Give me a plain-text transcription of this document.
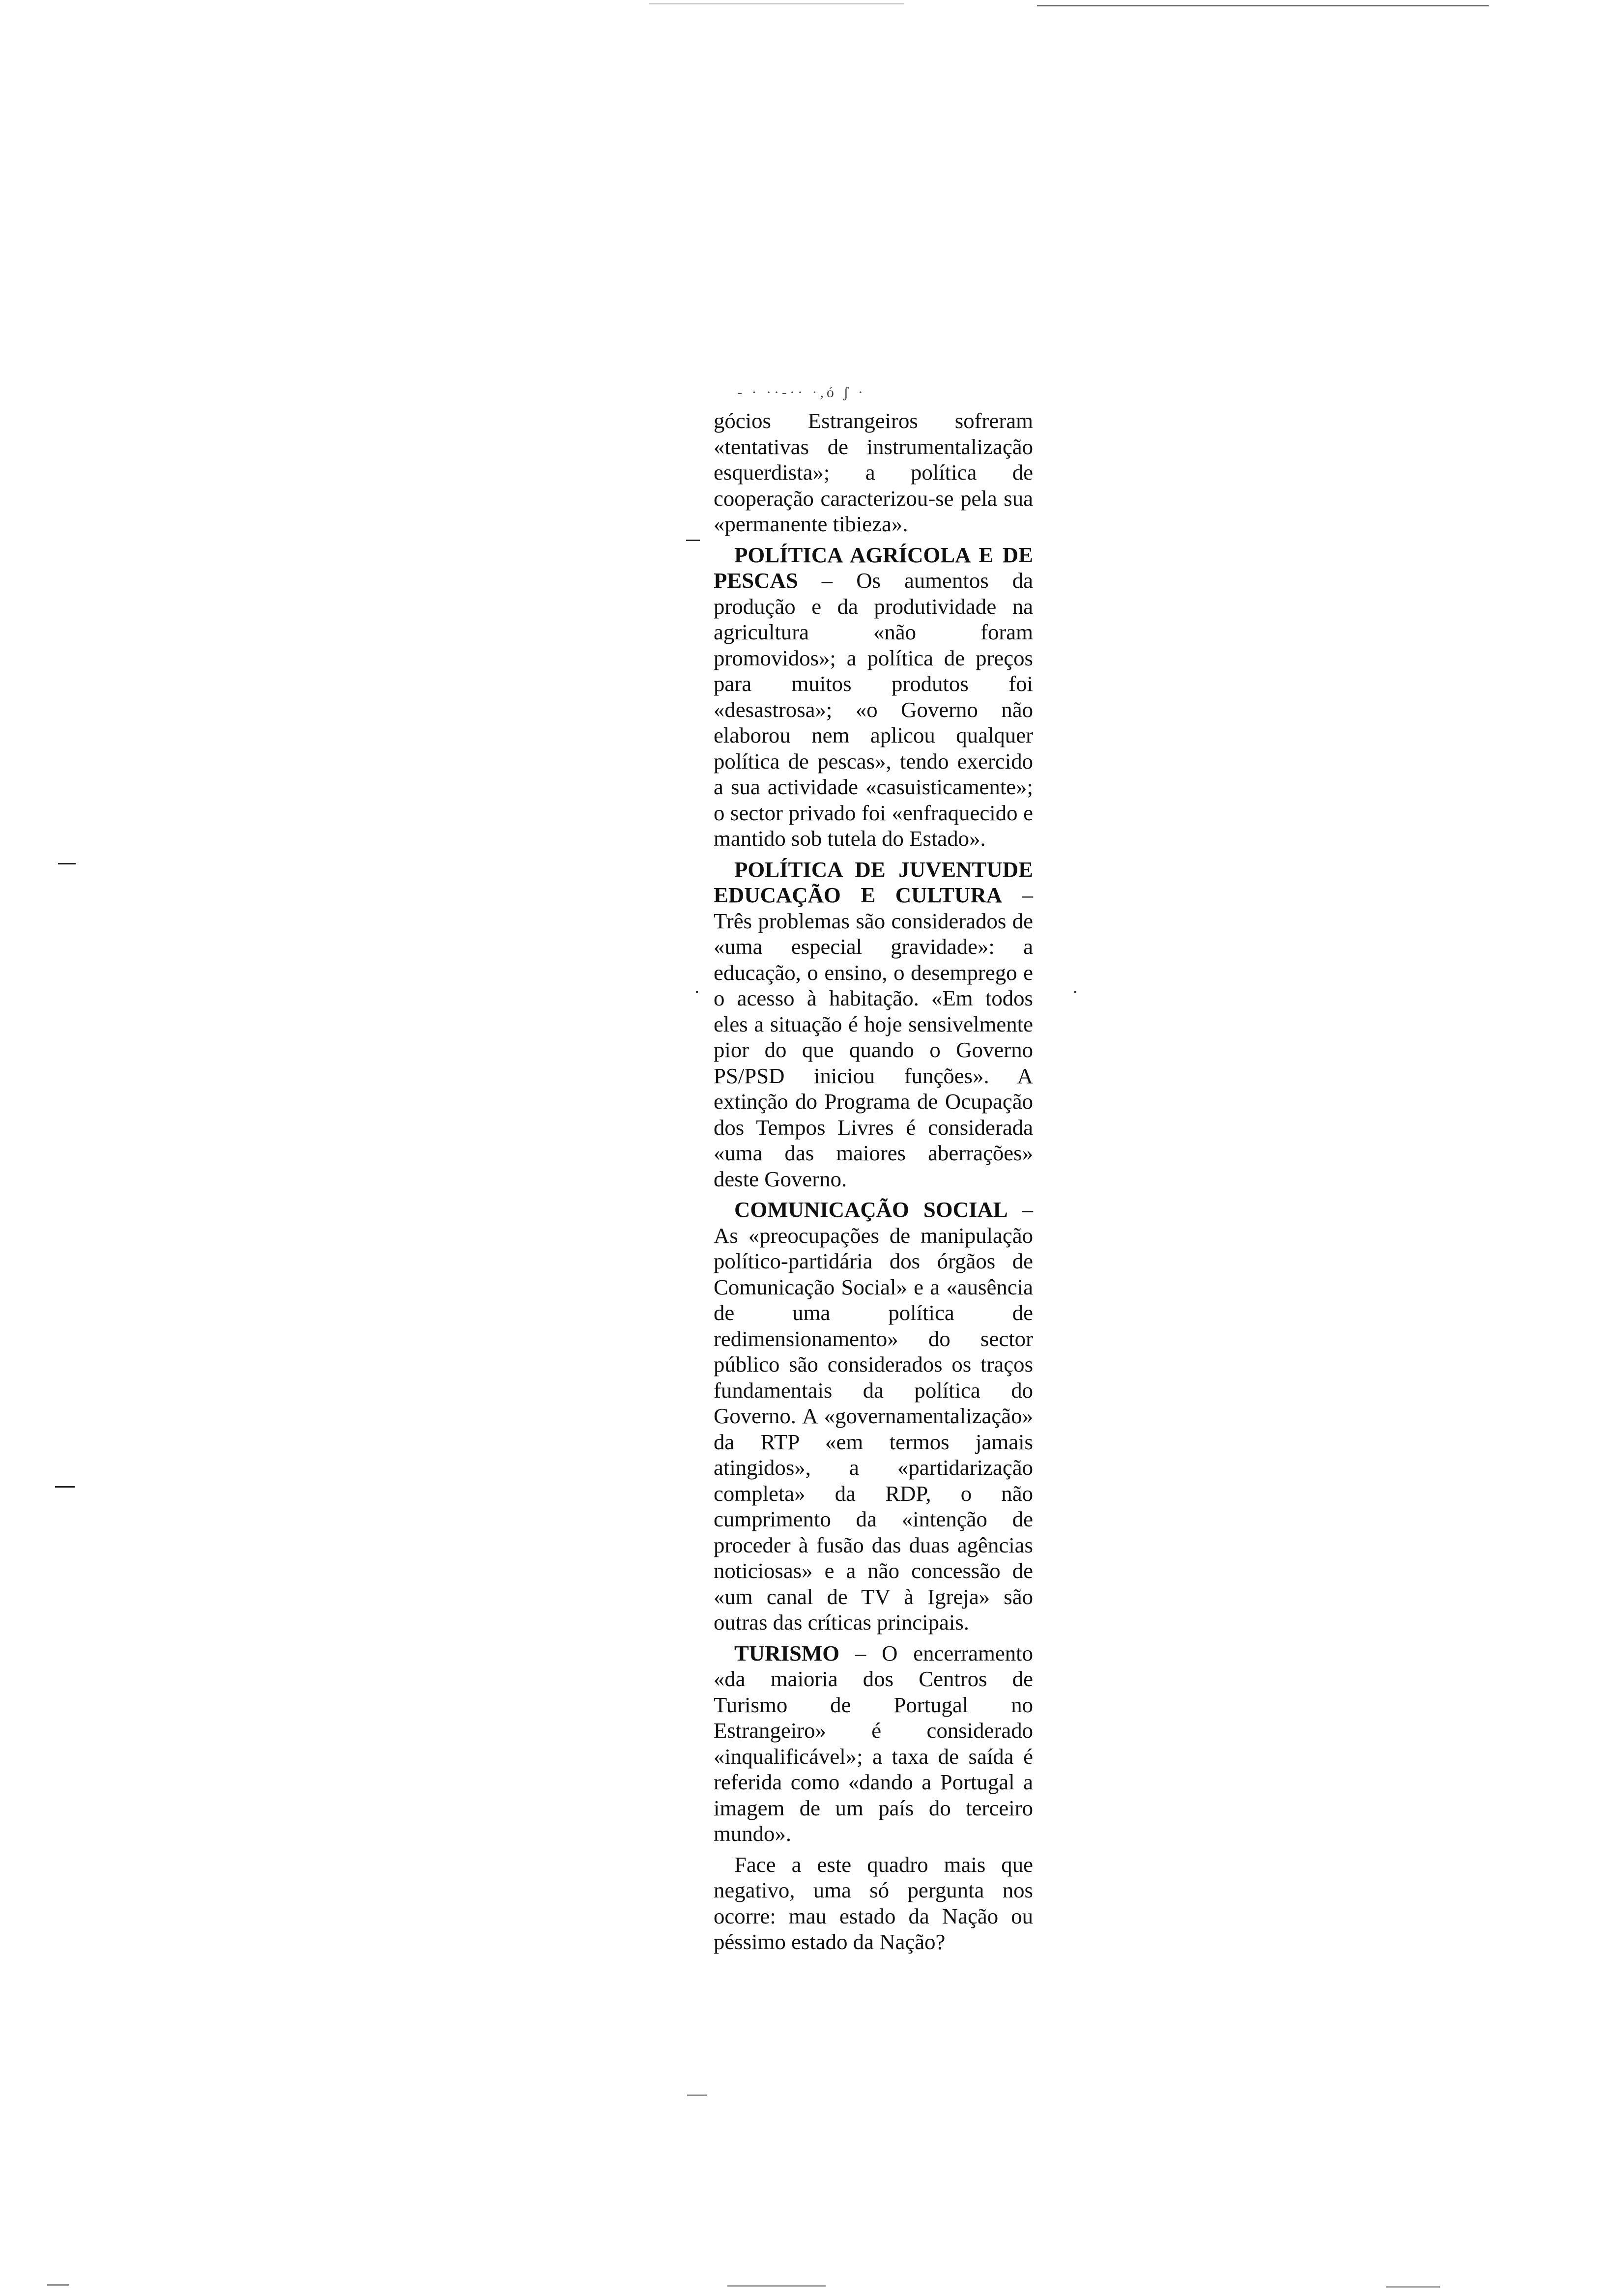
- · ··-·· ·,ó ʃ ·

gócios Estrangeiros sofreram «tentativas de instrumentalização esquerdista»; a política de cooperação caracterizou-se pela sua «permanente tibieza».

POLÍTICA AGRÍCOLA E DE PESCAS – Os aumentos da produção e da produtividade na agricultura «não foram promovidos»; a política de preços para muitos produtos foi «desastrosa»; «o Governo não elaborou nem aplicou qualquer política de pescas», tendo exercido a sua actividade «casuisticamente»; o sector privado foi «enfraquecido e mantido sob tutela do Estado».

POLÍTICA DE JUVENTUDE EDUCAÇÃO E CULTURA – Três problemas são considerados de «uma especial gravidade»: a educação, o ensino, o desemprego e o acesso à habitação. «Em todos eles a situação é hoje sensivelmente pior do que quando o Governo PS/PSD iniciou funções». A extinção do Programa de Ocupação dos Tempos Livres é considerada «uma das maiores aberrações» deste Governo.

COMUNICAÇÃO SOCIAL – As «preocupações de manipulação político-partidária dos órgãos de Comunicação Social» e a «ausência de uma política de redimensionamento» do sector público são considerados os traços fundamentais da política do Governo. A «governamentalização» da RTP «em termos jamais atingidos», a «partidarização completa» da RDP, o não cumprimento da «intenção de proceder à fusão das duas agências noticiosas» e a não concessão de «um canal de TV à Igreja» são outras das críticas principais.

TURISMO – O encerramento «da maioria dos Centros de Turismo de Portugal no Estrangeiro» é considerado «inqualificável»; a taxa de saída é referida como «dando a Portugal a imagem de um país do terceiro mundo».

Face a este quadro mais que negativo, uma só pergunta nos ocorre: mau estado da Nação ou péssimo estado da Nação?
